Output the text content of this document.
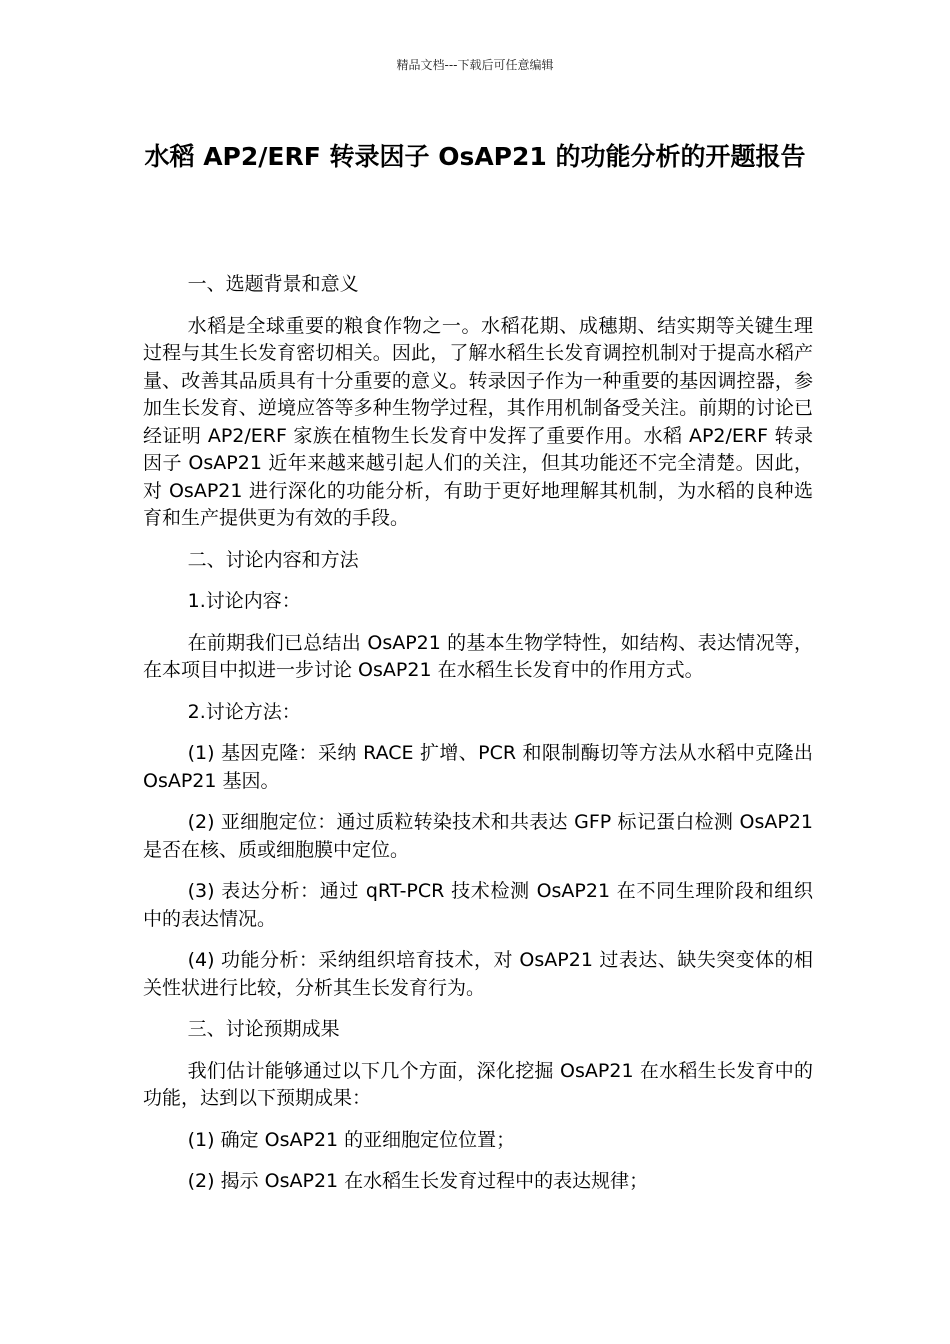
精品文档---下载后可任意编辑
水稻 AP2/ERF 转录因子 OsAP21 的功能分析的开题报告

一、选题背景和意义

水稻是全球重要的粮食作物之一。水稻花期、成穗期、结实期等关键生理过程与其生长发育密切相关。因此，了解水稻生长发育调控机制对于提高水稻产量、改善其品质具有十分重要的意义。转录因子作为一种重要的基因调控器，参加生长发育、逆境应答等多种生物学过程，其作用机制备受关注。前期的讨论已经证明 AP2/ERF 家族在植物生长发育中发挥了重要作用。水稻 AP2/ERF 转录因子 OsAP21 近年来越来越引起人们的关注，但其功能还不完全清楚。因此，对 OsAP21 进行深化的功能分析，有助于更好地理解其机制，为水稻的良种选育和生产提供更为有效的手段。

二、讨论内容和方法

1.讨论内容：

在前期我们已总结出 OsAP21 的基本生物学特性，如结构、表达情况等，在本项目中拟进一步讨论 OsAP21 在水稻生长发育中的作用方式。

2.讨论方法：

(1) 基因克隆：采纳 RACE 扩增、PCR 和限制酶切等方法从水稻中克隆出 OsAP21 基因。

(2) 亚细胞定位：通过质粒转染技术和共表达 GFP 标记蛋白检测 OsAP21 是否在核、质或细胞膜中定位。

(3) 表达分析：通过 qRT-PCR 技术检测 OsAP21 在不同生理阶段和组织中的表达情况。

(4) 功能分析：采纳组织培育技术，对 OsAP21 过表达、缺失突变体的相关性状进行比较，分析其生长发育行为。

三、讨论预期成果

我们估计能够通过以下几个方面，深化挖掘 OsAP21 在水稻生长发育中的功能，达到以下预期成果：

(1) 确定 OsAP21 的亚细胞定位位置；

(2) 揭示 OsAP21 在水稻生长发育过程中的表达规律；
